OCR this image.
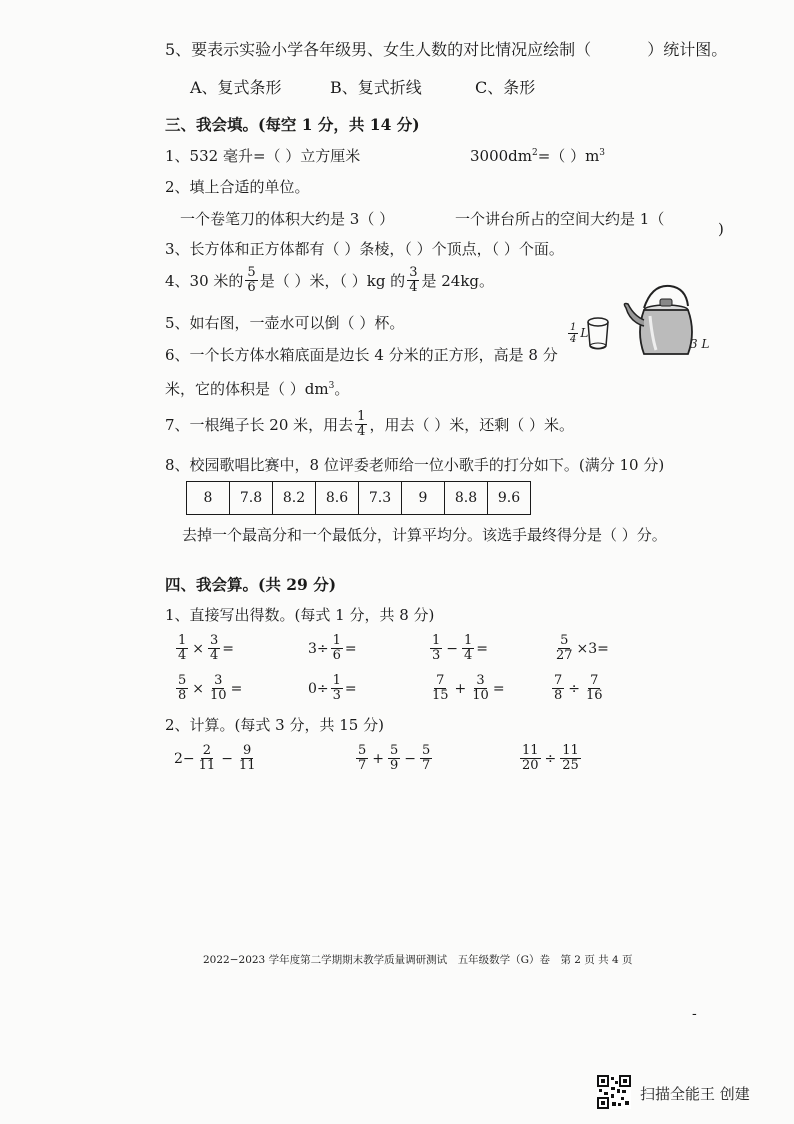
5、要表示实验小学各年级男、女生人数的对比情况应绘制（	）统计图。
A、复式条形	B、复式折线	C、条形
三、我会填。(每空 1 分，共 14 分)
1、532 毫升=（ ）立方厘米	$3000dm^2=$（ ）$m^3$
2、填上合适的单位。
一个卷笔刀的体积大约是 3（ ）	一个讲台所占的空间大约是 1（
)
3、长方体和正方体都有（ ）条棱，（ ）个顶点，（ ）个面。
4、30 米的 $\frac{5}{6}$ 是（ ）米，（ ）kg 的 $\frac{3}{4}$ 是 24kg。
5、如右图，一壶水可以倒（ ）杯。	$\frac{1}{4}$ L
3 L
6、一个长方体水箱底面是边长 4 分米的正方形，高是 8 分
米，它的体积是（ ）$dm^3$。
7、一根绳子长 20 米，用去 $\frac{1}{4}$ ，用去（ ）米，还剩（ ）米。
8、校园歌唱比赛中，8 位评委老师给一位小歌手的打分如下。(满分 10 分)
8	7.8	8.2	8.6	7.3	9	8.8	9.6
去掉一个最高分和一个最低分，计算平均分。该选手最终得分是（ ）分。
四、我会算。(共 29 分)
1、直接写出得数。(每式 1 分，共 8 分)
$\frac{1}{4} \times \frac{3}{4}$ =	$3\div \frac{1}{6}$ =	$\frac{1}{3} - \frac{1}{4}$ =	$\frac{5}{27} \times 3=$
$\frac{5}{8} \times \frac{3}{10}$ =	$0\div \frac{1}{3}$ =	$\frac{7}{15} + \frac{3}{10}$ =	$\frac{7}{8} \div \frac{7}{16}$
2、计算。(每式 3 分，共 15 分)
$2- \frac{2}{11} - \frac{9}{11}$	$\frac{5}{7} + \frac{5}{9} - \frac{5}{7}$	$\frac{11}{20} \div \frac{11}{25}$
2022−2023 学年度第二学期期末教学质量调研测试　五年级数学（G）卷　第 2 页 共 4 页
-
扫描全能王 创建
